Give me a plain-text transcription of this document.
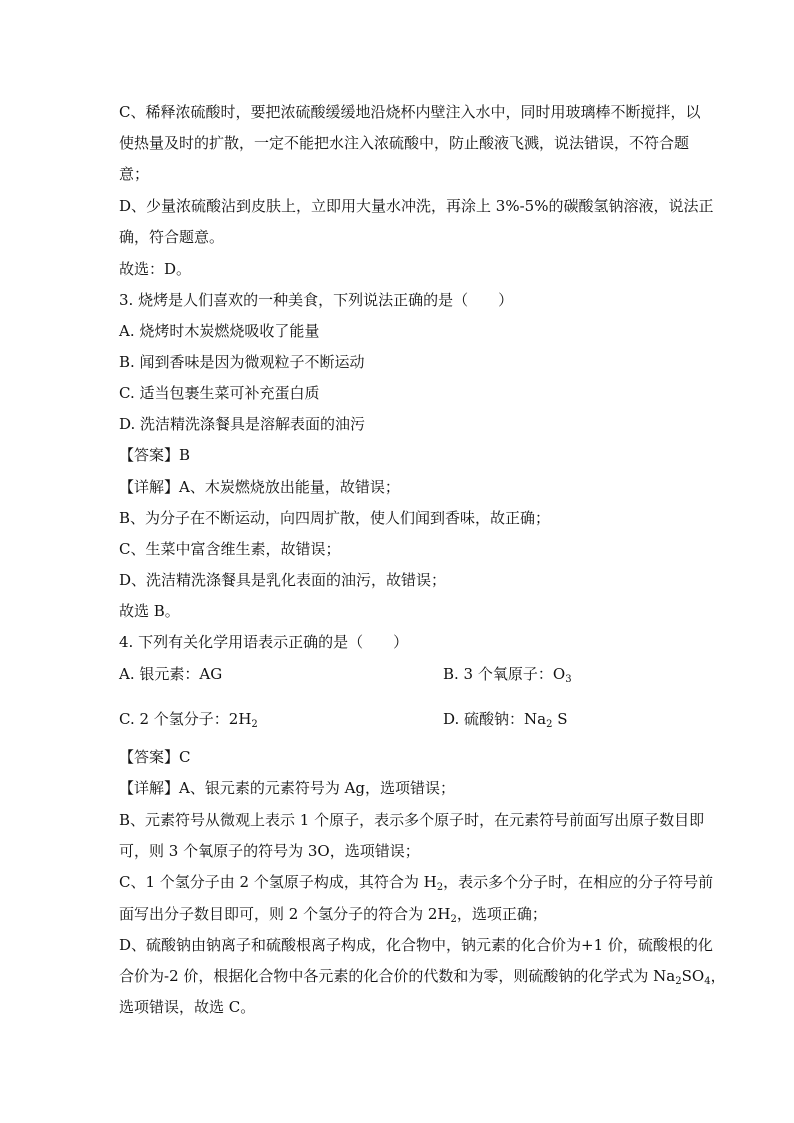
C、稀释浓硫酸时，要把浓硫酸缓缓地沿烧杯内壁注入水中，同时用玻璃棒不断搅拌，以
使热量及时的扩散，一定不能把水注入浓硫酸中，防止酸液飞溅，说法错误，不符合题
意；
D、少量浓硫酸沾到皮肤上，立即用大量水冲洗，再涂上 3%-5%的碳酸氢钠溶液，说法正
确，符合题意。
故选：D。
3. 烧烤是人们喜欢的一种美食，下列说法正确的是（　　）
A. 烧烤时木炭燃烧吸收了能量
B. 闻到香味是因为微观粒子不断运动
C. 适当包裹生菜可补充蛋白质
D. 洗洁精洗涤餐具是溶解表面的油污
【答案】B
【详解】A、木炭燃烧放出能量，故错误；
B、为分子在不断运动，向四周扩散，使人们闻到香味，故正确；
C、生菜中富含维生素，故错误；
D、洗洁精洗涤餐具是乳化表面的油污，故错误；
故选 B。
4. 下列有关化学用语表示正确的是（　　）
A. 银元素：AG	B. 3 个氧原子：$O_3$
C. 2 个氢分子：$2H_2$	D. 硫酸钠：$Na_2$ S
【答案】C
【详解】A、银元素的元素符号为 Ag，选项错误；
B、元素符号从微观上表示 1 个原子，表示多个原子时，在元素符号前面写出原子数目即
可，则 3 个氧原子的符号为 3O，选项错误；
C、1 个氢分子由 2 个氢原子构成，其符合为 $H_2$，表示多个分子时，在相应的分子符号前
面写出分子数目即可，则 2 个氢分子的符合为 $2H_2$，选项正确；
D、硫酸钠由钠离子和硫酸根离子构成，化合物中，钠元素的化合价为+1 价，硫酸根的化
合价为-2 价，根据化合物中各元素的化合价的代数和为零，则硫酸钠的化学式为 $Na_2SO_4$，
选项错误，故选 C。
